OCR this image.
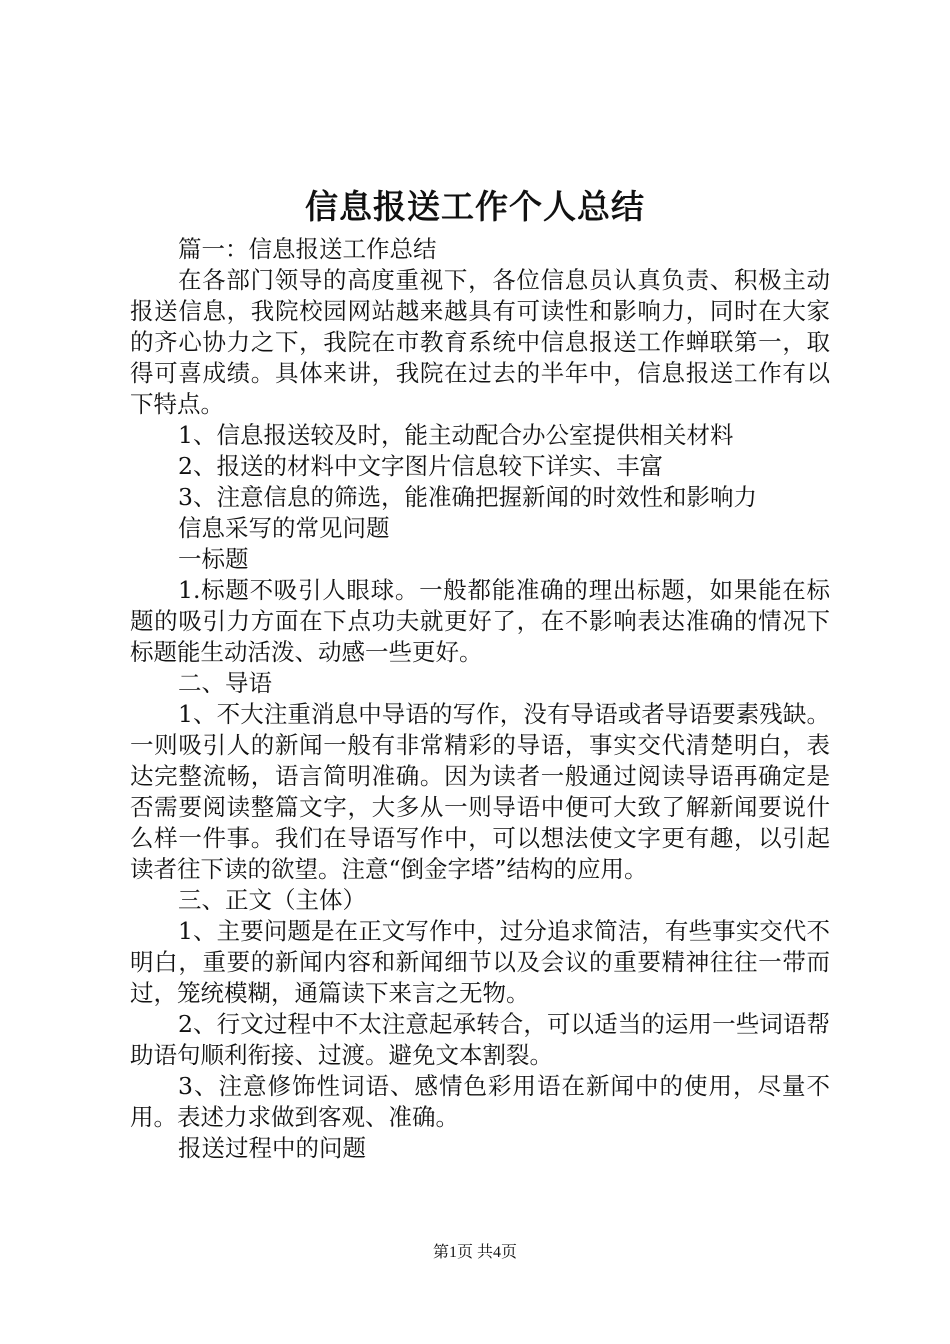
信息报送工作个人总结

篇一：信息报送工作总结

在各部门领导的高度重视下，各位信息员认真负责、积极主动报送信息，我院校园网站越来越具有可读性和影响力，同时在大家的齐心协力之下，我院在市教育系统中信息报送工作蝉联第一，取得可喜成绩。具体来讲，我院在过去的半年中，信息报送工作有以下特点。

1、信息报送较及时，能主动配合办公室提供相关材料

2、报送的材料中文字图片信息较下详实、丰富

3、注意信息的筛选，能准确把握新闻的时效性和影响力

信息采写的常见问题

一标题

1.标题不吸引人眼球。一般都能准确的理出标题，如果能在标题的吸引力方面在下点功夫就更好了，在不影响表达准确的情况下标题能生动活泼、动感一些更好。

二、导语

1、不大注重消息中导语的写作，没有导语或者导语要素残缺。一则吸引人的新闻一般有非常精彩的导语，事实交代清楚明白，表达完整流畅，语言简明准确。因为读者一般通过阅读导语再确定是否需要阅读整篇文字，大多从一则导语中便可大致了解新闻要说什么样一件事。我们在导语写作中，可以想法使文字更有趣，以引起读者往下读的欲望。注意“倒金字塔”结构的应用。

三、正文（主体）

1、主要问题是在正文写作中，过分追求简洁，有些事实交代不明白，重要的新闻内容和新闻细节以及会议的重要精神往往一带而过，笼统模糊，通篇读下来言之无物。

2、行文过程中不太注意起承转合，可以适当的运用一些词语帮助语句顺利衔接、过渡。避免文本割裂。

3、注意修饰性词语、感情色彩用语在新闻中的使用，尽量不用。表述力求做到客观、准确。

报送过程中的问题

第1页 共4页
